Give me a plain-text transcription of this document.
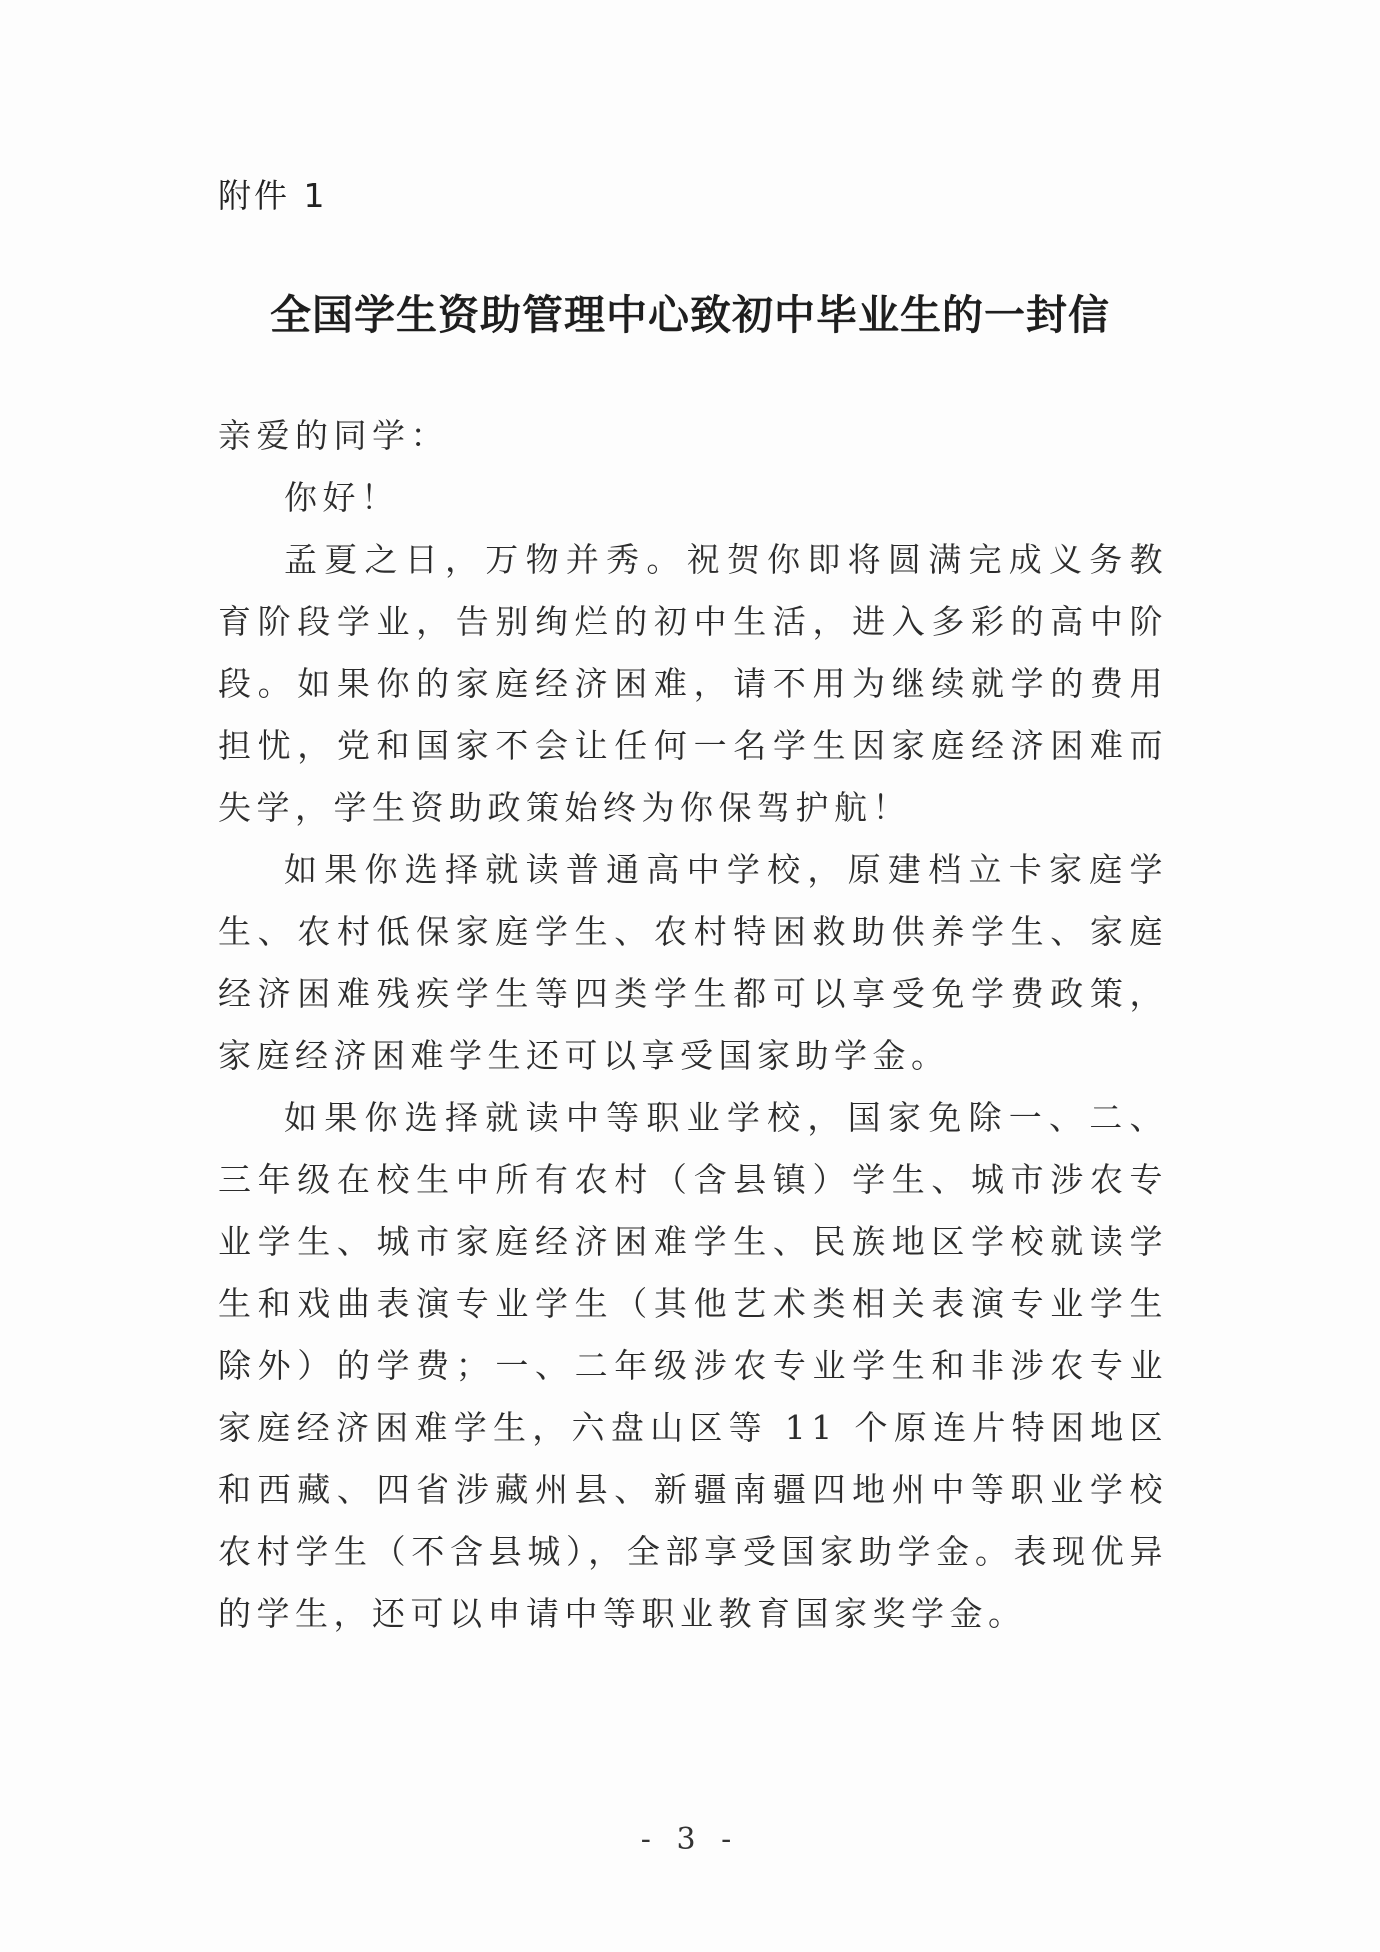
附件 1
全国学生资助管理中心致初中毕业生的一封信

亲爱的同学：

你好！

孟夏之日，万物并秀。祝贺你即将圆满完成义务教育阶段学业，告别绚烂的初中生活，进入多彩的高中阶段。如果你的家庭经济困难，请不用为继续就学的费用担忧，党和国家不会让任何一名学生因家庭经济困难而失学，学生资助政策始终为你保驾护航！

如果你选择就读普通高中学校，原建档立卡家庭学生、农村低保家庭学生、农村特困救助供养学生、家庭经济困难残疾学生等四类学生都可以享受免学费政策，家庭经济困难学生还可以享受国家助学金。

如果你选择就读中等职业学校，国家免除一、二、三年级在校生中所有农村（含县镇）学生、城市涉农专业学生、城市家庭经济困难学生、民族地区学校就读学生和戏曲表演专业学生（其他艺术类相关表演专业学生除外）的学费；一、二年级涉农专业学生和非涉农专业家庭经济困难学生，六盘山区等 11 个原连片特困地区和西藏、四省涉藏州县、新疆南疆四地州中等职业学校农村学生（不含县城），全部享受国家助学金。表现优异的学生，还可以申请中等职业教育国家奖学金。

- 3 -
